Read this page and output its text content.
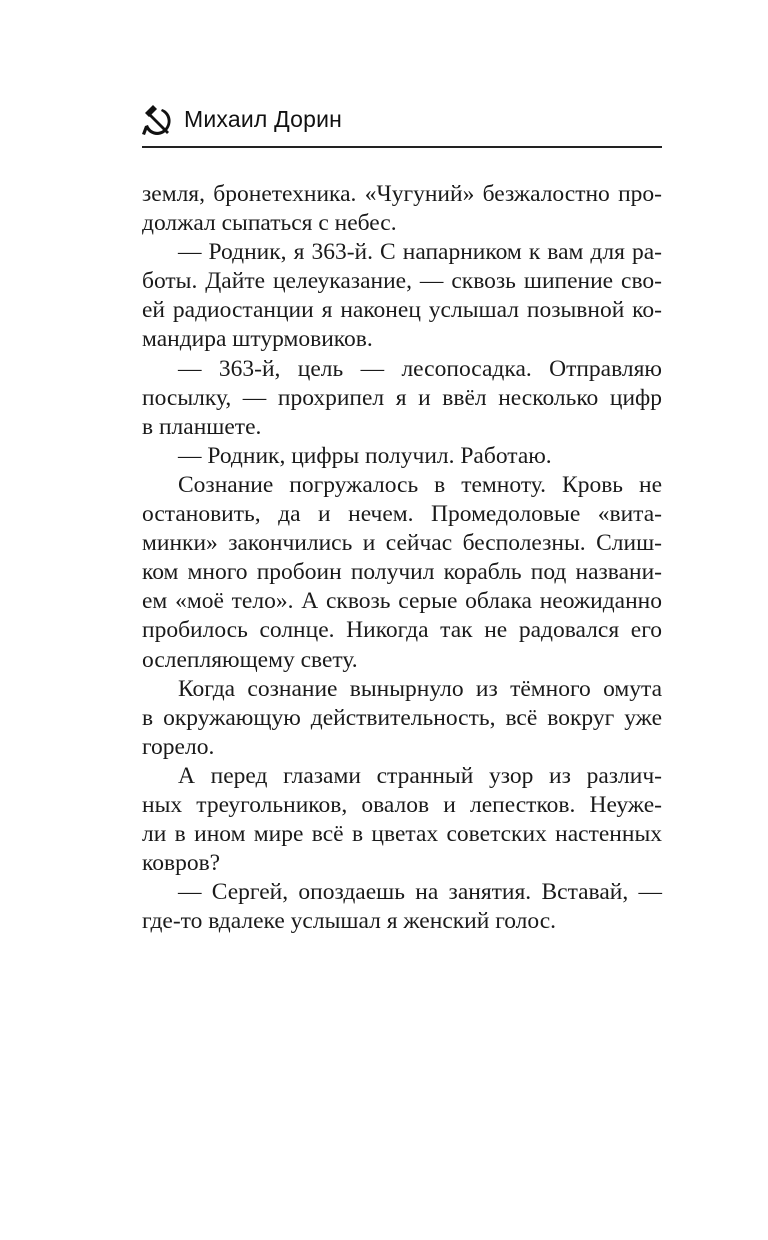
Михаил Дорин
земля, бронетехника. «Чугуний» безжалостно про-
должал сыпаться с небес.
— Родник, я 363-й. С напарником к вам для ра-
боты. Дайте целеуказание, — сквозь шипение сво-
ей радиостанции я наконец услышал позывной ко-
мандира штурмовиков.
— 363-й, цель — лесопосадка. Отправляю
посылку, — прохрипел я и ввёл несколько цифр
в планшете.
— Родник, цифры получил. Работаю.
Сознание погружалось в темноту. Кровь не
остановить, да и нечем. Промедоловые «вита-
минки» закончились и сейчас бесполезны. Слиш-
ком много пробоин получил корабль под названи-
ем «моё тело». А сквозь серые облака неожиданно
пробилось солнце. Никогда так не радовался его
ослепляющему свету.
Когда сознание вынырнуло из тёмного омута
в окружающую действительность, всё вокруг уже
горело.
А перед глазами странный узор из различ-
ных треугольников, овалов и лепестков. Неуже-
ли в ином мире всё в цветах советских настенных
ковров?
— Сергей, опоздаешь на занятия. Вставай, —
где-то вдалеке услышал я женский голос.
